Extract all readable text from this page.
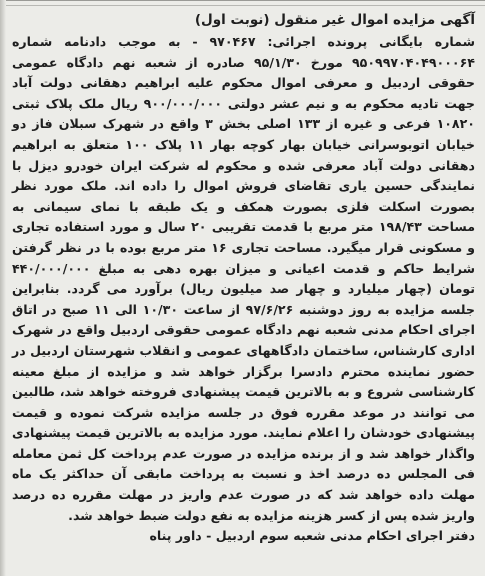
آگهی مزایده اموال غیر منقول (نوبت اول)

شماره بایگانی پرونده اجرائی: ۹۷۰۴۶۷ - به موجب دادنامه شماره ۹۵۰۹۹۷۰۴۰۴۹۰۰۰۶۴ مورخ ۹۵/۱/۳۰ صادره از شعبه نهم دادگاه عمومی حقوقی اردبیل و معرفی اموال محکوم علیه ابراهیم دهقانی دولت آباد جهت تادیه محکوم به و نیم عشر دولتی ۹۰۰/۰۰۰/۰۰۰ ریال ملک پلاک ثبتی ۱۰۸۲۰ فرعی و غیره از ۱۳۳ اصلی بخش ۳ واقع در شهرک سبلان فاز دو خیابان اتوبوسرانی خیابان بهار کوچه بهار ۱۱ پلاک ۱۰۰ متعلق به ابراهیم دهقانی دولت آباد معرفی شده و محکوم له شرکت ایران خودرو دیزل با نمایندگی حسین یاری تقاضای فروش اموال را داده اند. ملک مورد نظر بصورت اسکلت فلزی بصورت همکف و یک طبقه با نمای سیمانی به مساحت ۱۹۸/۴۳ متر مربع با قدمت تقریبی ۲۰ سال و مورد استفاده تجاری و مسکونی قرار میگیرد. مساحت تجاری ۱۶ متر مربع بوده با در نظر گرفتن شرایط حاکم و قدمت اعیانی و میزان بهره دهی به مبلغ ۴۴۰/۰۰۰/۰۰۰ تومان (چهار میلیارد و چهار صد میلیون ریال) برآورد می گردد. بنابراین جلسه مزایده به روز دوشنبه ۹۷/۶/۲۶ از ساعت ۱۰/۳۰ الی ۱۱ صبح در اتاق اجرای احکام مدنی شعبه نهم دادگاه عمومی حقوقی اردبیل واقع در شهرک اداری کارشناس، ساختمان دادگاههای عمومی و انقلاب شهرستان اردبیل در حضور نماینده محترم دادسرا برگزار خواهد شد و مزایده از مبلغ معینه کارشناسی شروع و به بالاترین قیمت پیشنهادی فروخته خواهد شد، طالبین می توانند در موعد مقرره فوق در جلسه مزایده شرکت نموده و قیمت پیشنهادی خودشان را اعلام نمایند. مورد مزایده به بالاترین قیمت پیشنهادی واگذار خواهد شد و از برنده مزایده در صورت عدم پرداخت کل ثمن معامله فی المجلس ده درصد اخذ و نسبت به پرداخت مابقی آن حداکثر یک ماه مهلت داده خواهد شد که در صورت عدم واریز در مهلت مقرره ده درصد واریز شده پس از کسر هزینه مزایده به نفع دولت ضبط خواهد شد.

دفتر اجرای احکام مدنی شعبه سوم اردبیل - داور پناه
